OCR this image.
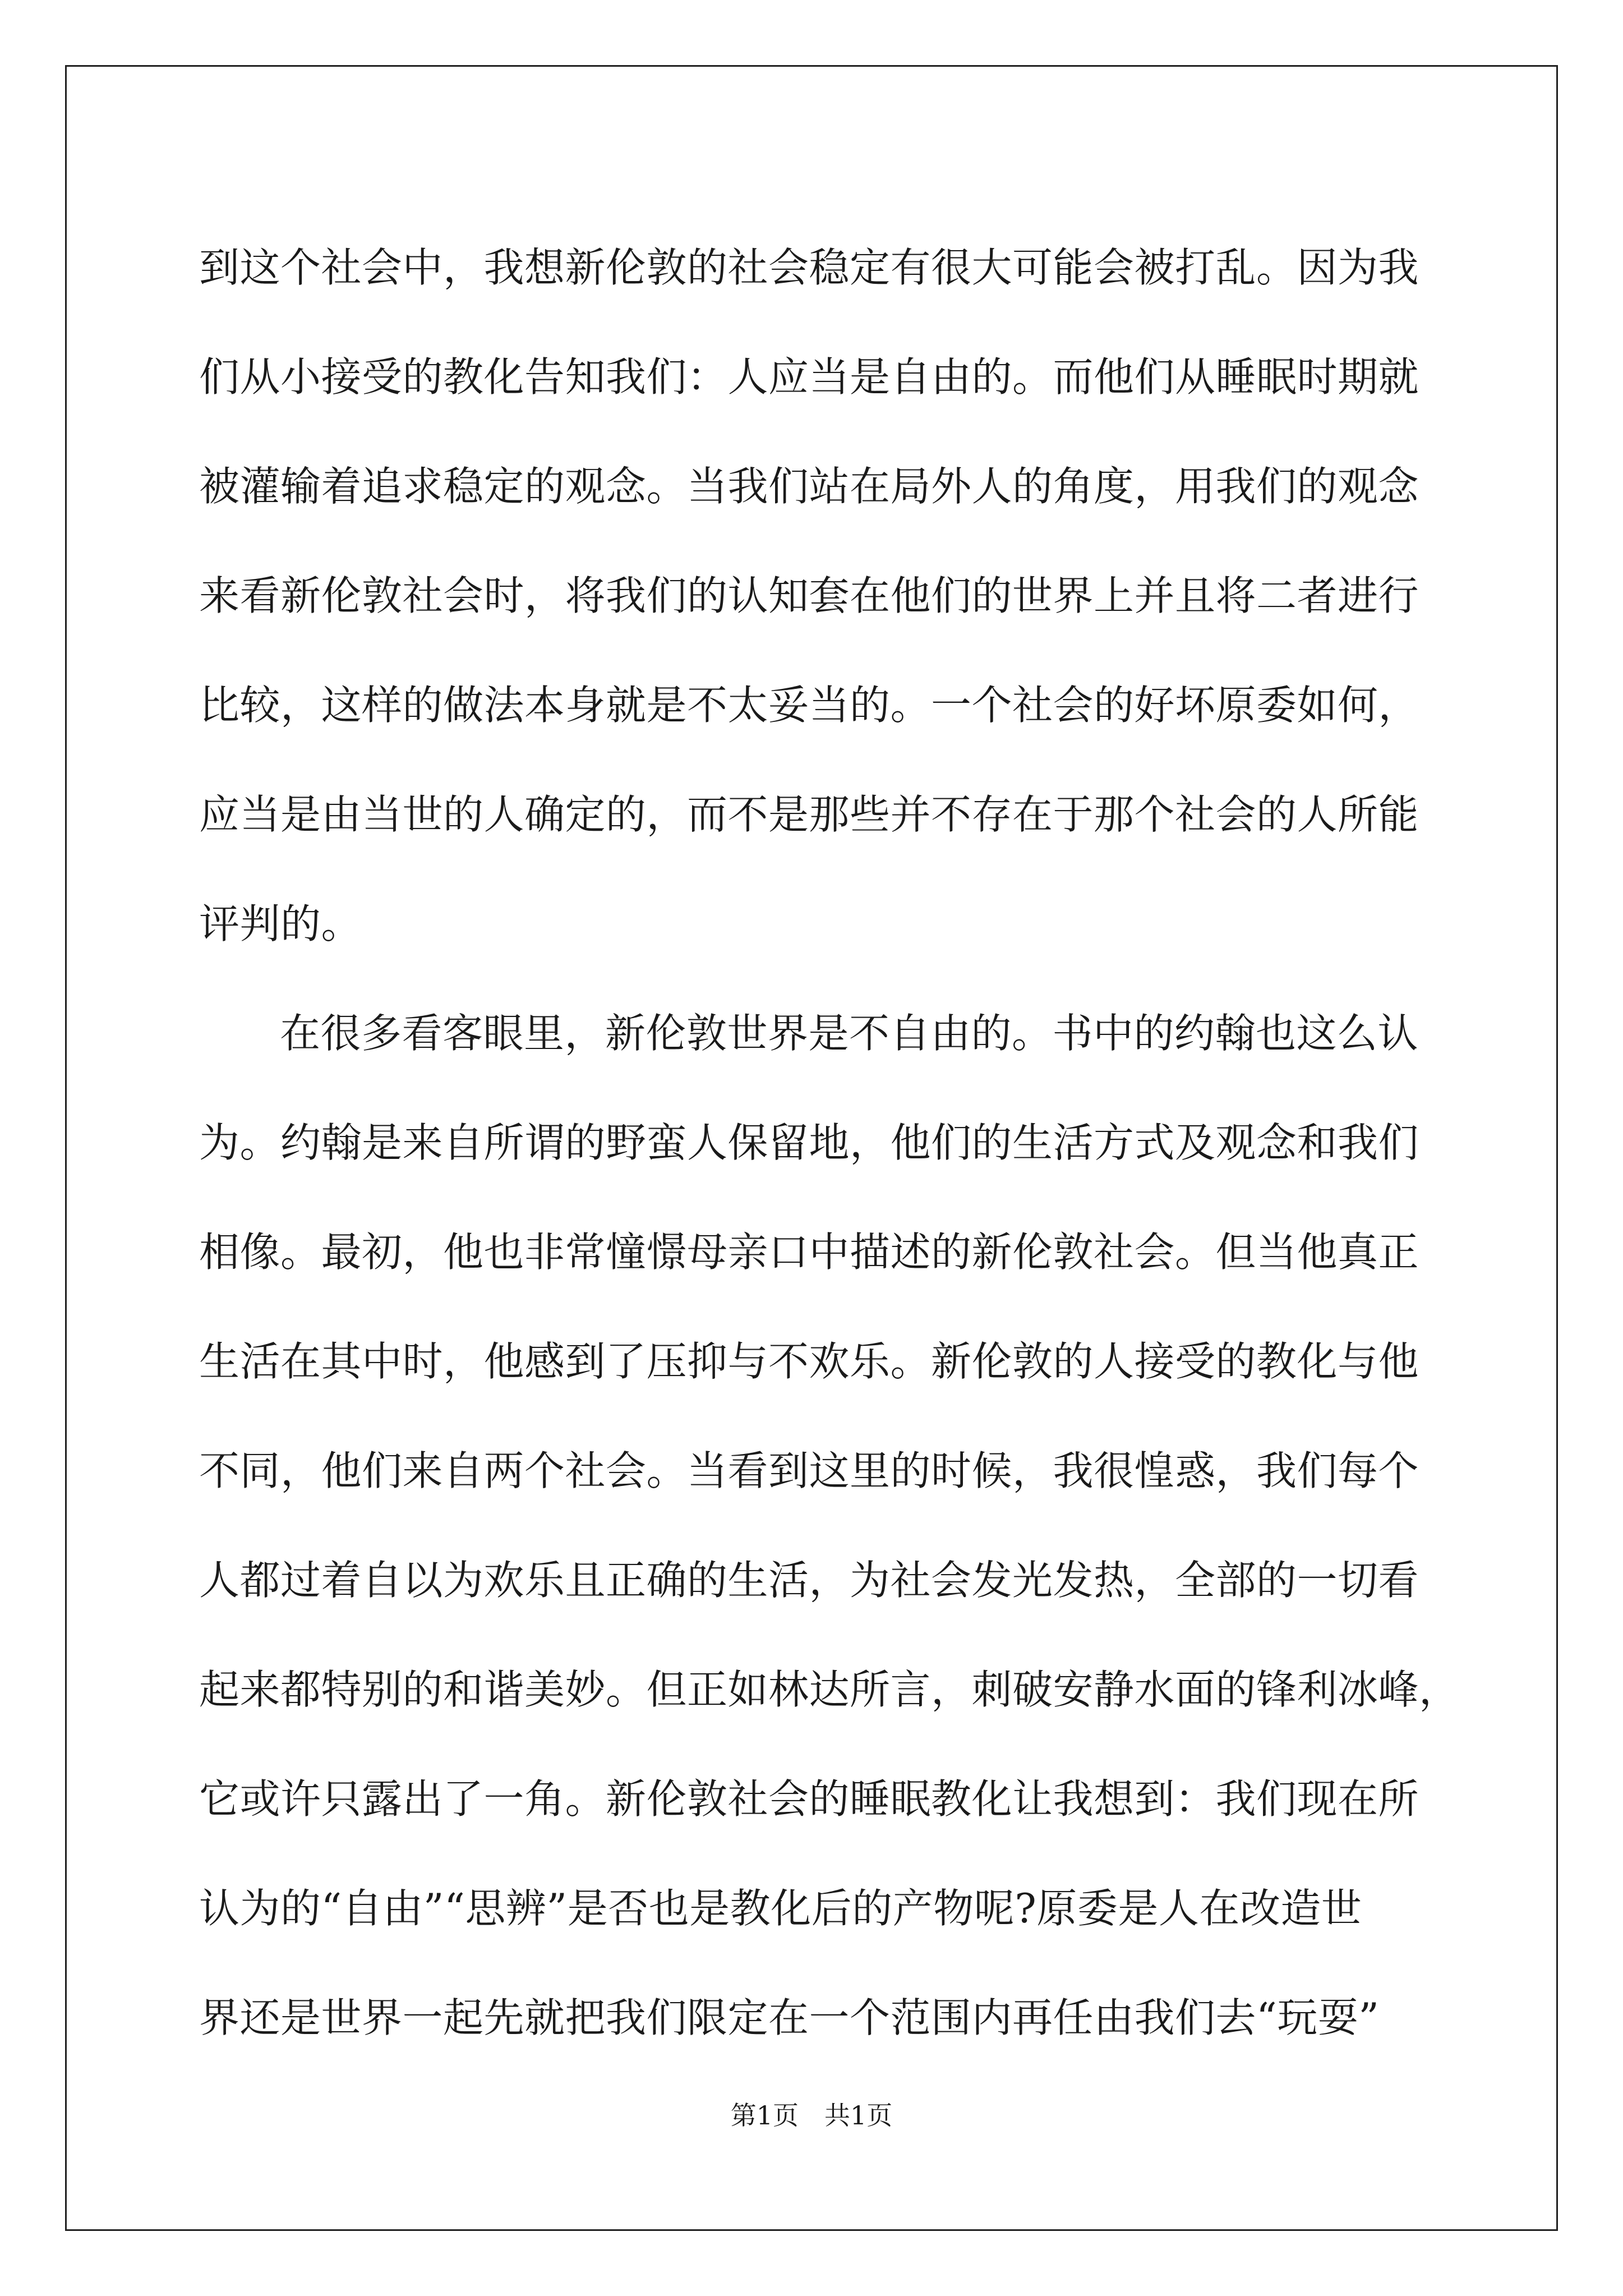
到这个社会中，我想新伦敦的社会稳定有很大可能会被打乱。因为我
们从小接受的教化告知我们：人应当是自由的。而他们从睡眠时期就
被灌输着追求稳定的观念。当我们站在局外人的角度，用我们的观念
来看新伦敦社会时，将我们的认知套在他们的世界上并且将二者进行
比较，这样的做法本身就是不太妥当的。一个社会的好坏原委如何，
应当是由当世的人确定的，而不是那些并不存在于那个社会的人所能
评判的。
在很多看客眼里，新伦敦世界是不自由的。书中的约翰也这么认
为。约翰是来自所谓的野蛮人保留地，他们的生活方式及观念和我们
相像。最初，他也非常憧憬母亲口中描述的新伦敦社会。但当他真正
生活在其中时，他感到了压抑与不欢乐。新伦敦的人接受的教化与他
不同，他们来自两个社会。当看到这里的时候，我很惶惑，我们每个
人都过着自以为欢乐且正确的生活，为社会发光发热，全部的一切看
起来都特别的和谐美妙。但正如林达所言，刺破安静水面的锋利冰峰，
它或许只露出了一角。新伦敦社会的睡眠教化让我想到：我们现在所
认为的“自由”“思辨”是否也是教化后的产物呢?原委是人在改造世
界还是世界一起先就把我们限定在一个范围内再任由我们去“玩耍”
第1页 共1页
